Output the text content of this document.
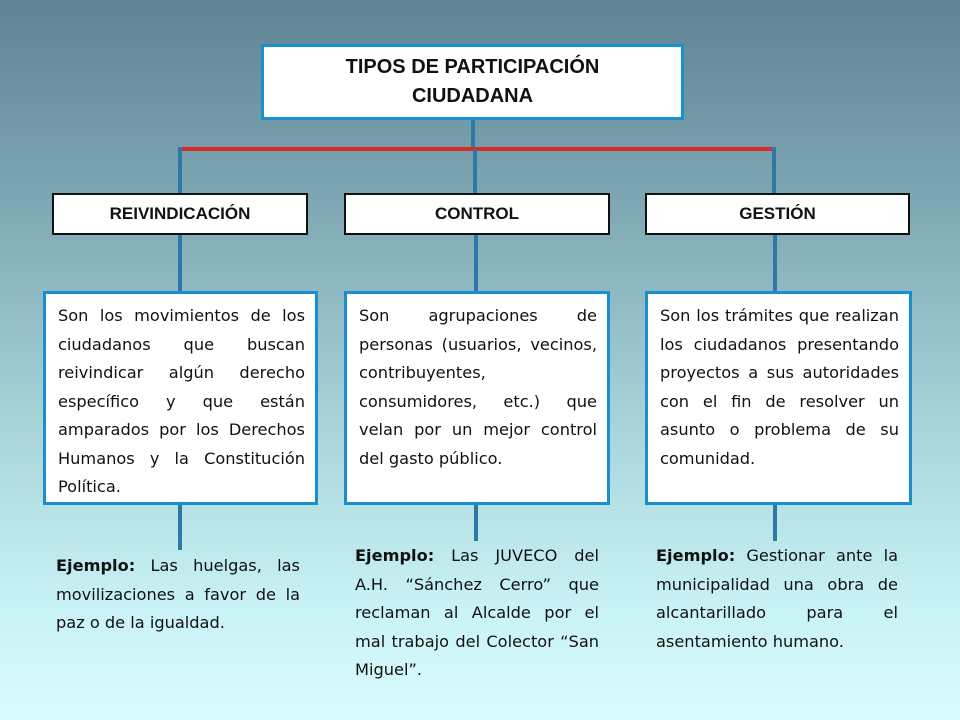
TIPOS DE PARTICIPACIÓN CIUDADANA
REIVINDICACIÓN	CONTROL	GESTIÓN
Son los movimientos de los ciudadanos que buscan reivindicar algún derecho específico y que están amparados por los Derechos Humanos y la Constitución Política.
Son agrupaciones de personas (usuarios, vecinos, contribuyentes, consumidores, etc.) que velan por un mejor control del gasto público.
Son los trámites que realizan los ciudadanos presentando proyectos a sus autoridades con el fin de resolver un asunto o problema de su comunidad.
Ejemplo: Las huelgas, las movilizaciones a favor de la paz o de la igualdad.
Ejemplo: Las JUVECO del A.H. “Sánchez Cerro” que reclaman al Alcalde por el mal trabajo del Colector “San Miguel”.
Ejemplo: Gestionar ante la municipalidad una obra de alcantarillado para el asentamiento humano.
